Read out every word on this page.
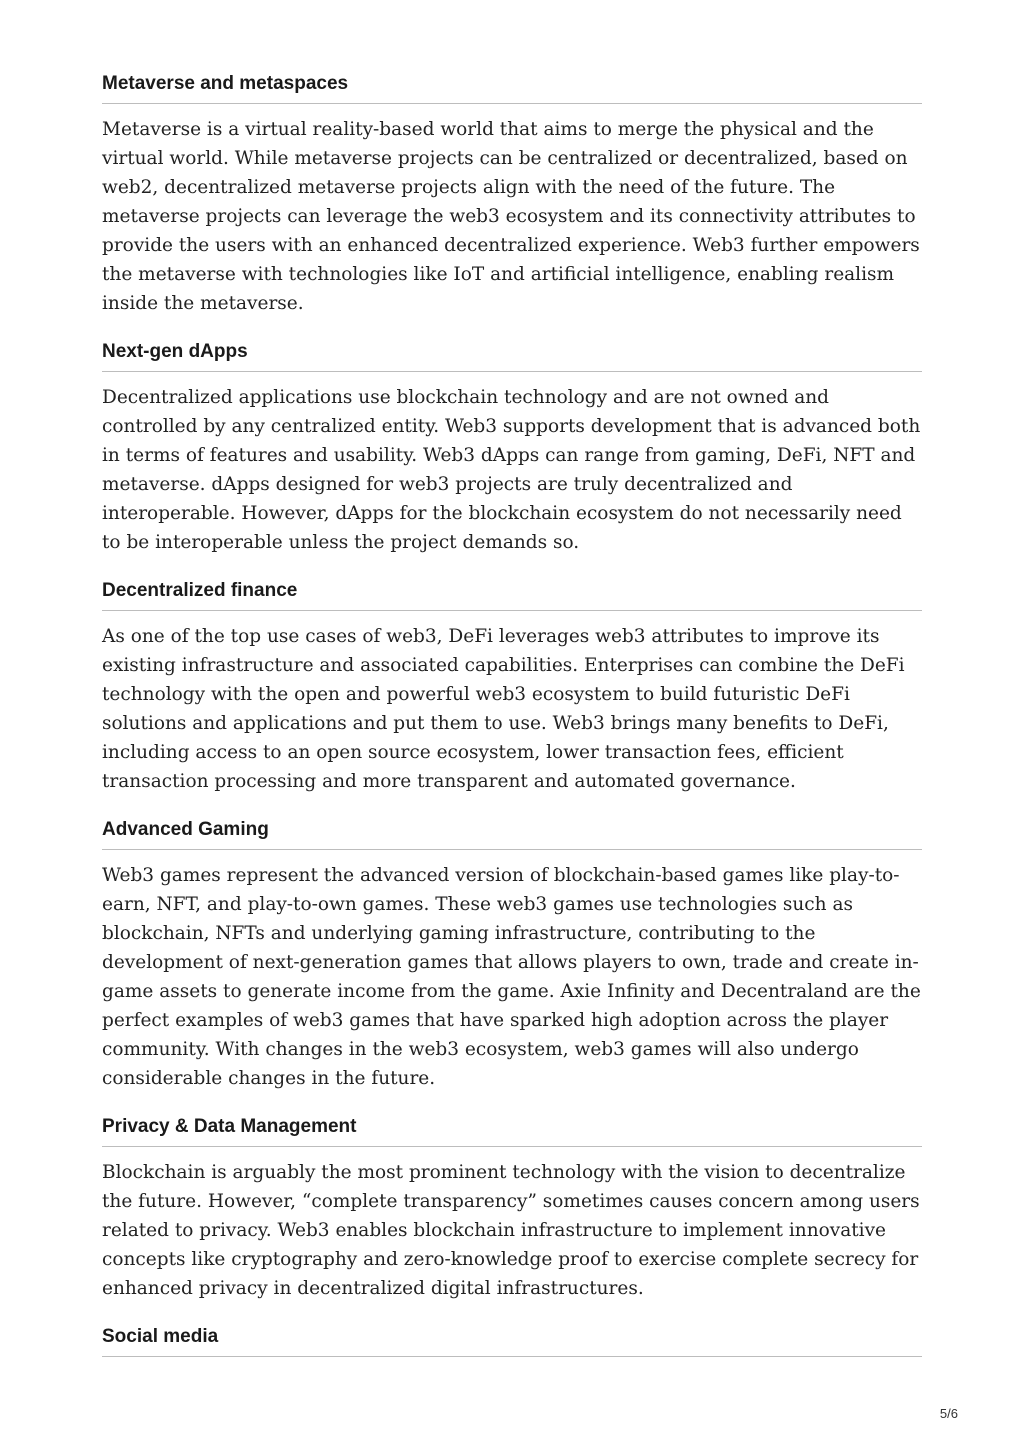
Metaverse and metaspaces

Metaverse is a virtual reality-based world that aims to merge the physical and the virtual world. While metaverse projects can be centralized or decentralized, based on web2, decentralized metaverse projects align with the need of the future. The metaverse projects can leverage the web3 ecosystem and its connectivity attributes to provide the users with an enhanced decentralized experience. Web3 further empowers the metaverse with technologies like IoT and artificial intelligence, enabling realism inside the metaverse.

Next-gen dApps

Decentralized applications use blockchain technology and are not owned and controlled by any centralized entity. Web3 supports development that is advanced both in terms of features and usability. Web3 dApps can range from gaming, DeFi, NFT and metaverse. dApps designed for web3 projects are truly decentralized and interoperable. However, dApps for the blockchain ecosystem do not necessarily need to be interoperable unless the project demands so.

Decentralized finance

As one of the top use cases of web3, DeFi leverages web3 attributes to improve its existing infrastructure and associated capabilities. Enterprises can combine the DeFi technology with the open and powerful web3 ecosystem to build futuristic DeFi solutions and applications and put them to use. Web3 brings many benefits to DeFi, including access to an open source ecosystem, lower transaction fees, efficient transaction processing and more transparent and automated governance.

Advanced Gaming

Web3 games represent the advanced version of blockchain-based games like play-to-earn, NFT, and play-to-own games. These web3 games use technologies such as blockchain, NFTs and underlying gaming infrastructure, contributing to the development of next-generation games that allows players to own, trade and create in-game assets to generate income from the game. Axie Infinity and Decentraland are the perfect examples of web3 games that have sparked high adoption across the player community. With changes in the web3 ecosystem, web3 games will also undergo considerable changes in the future.

Privacy & Data Management

Blockchain is arguably the most prominent technology with the vision to decentralize the future. However, “complete transparency” sometimes causes concern among users related to privacy. Web3 enables blockchain infrastructure to implement innovative concepts like cryptography and zero-knowledge proof to exercise complete secrecy for enhanced privacy in decentralized digital infrastructures.

Social media
5/6
